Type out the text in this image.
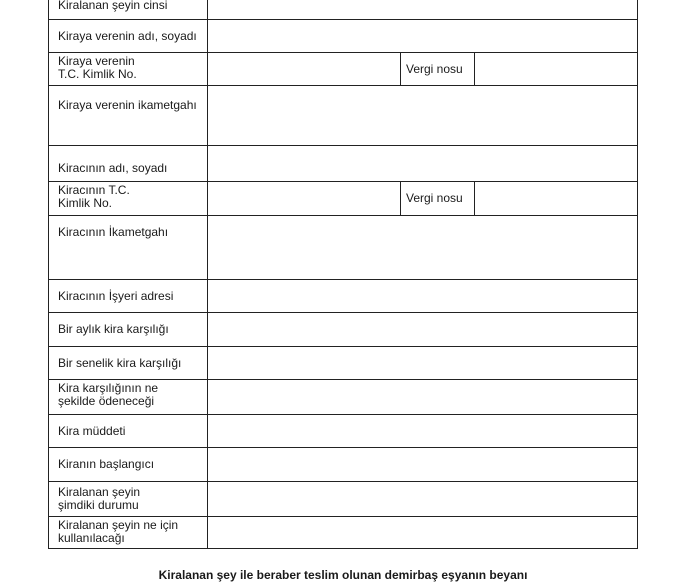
Kiralanan şeyin cinsi			

Kiraya verenin adı, soyadı			

Kiraya verenin T.C. Kimlik No.		Vergi nosu	

Kiraya verenin ikametgahı			

Kiracının adı, soyadı			

Kiracının T.C. Kimlik No.		Vergi nosu	

Kiracının İkametgahı			

Kiracının İşyeri adresi			
Bir aylık kira karşılığı			
Bir senelik kira karşılığı			

Kira karşılığının ne şekilde ödeneceği			

Kira müddeti			
Kiranın başlangıcı			

Kiralanan şeyin şimdiki durumu			

Kiralanan şeyin ne için kullanılacağı			

Kiralanan şey ile beraber teslim olunan demirbaş eşyanın beyanı
